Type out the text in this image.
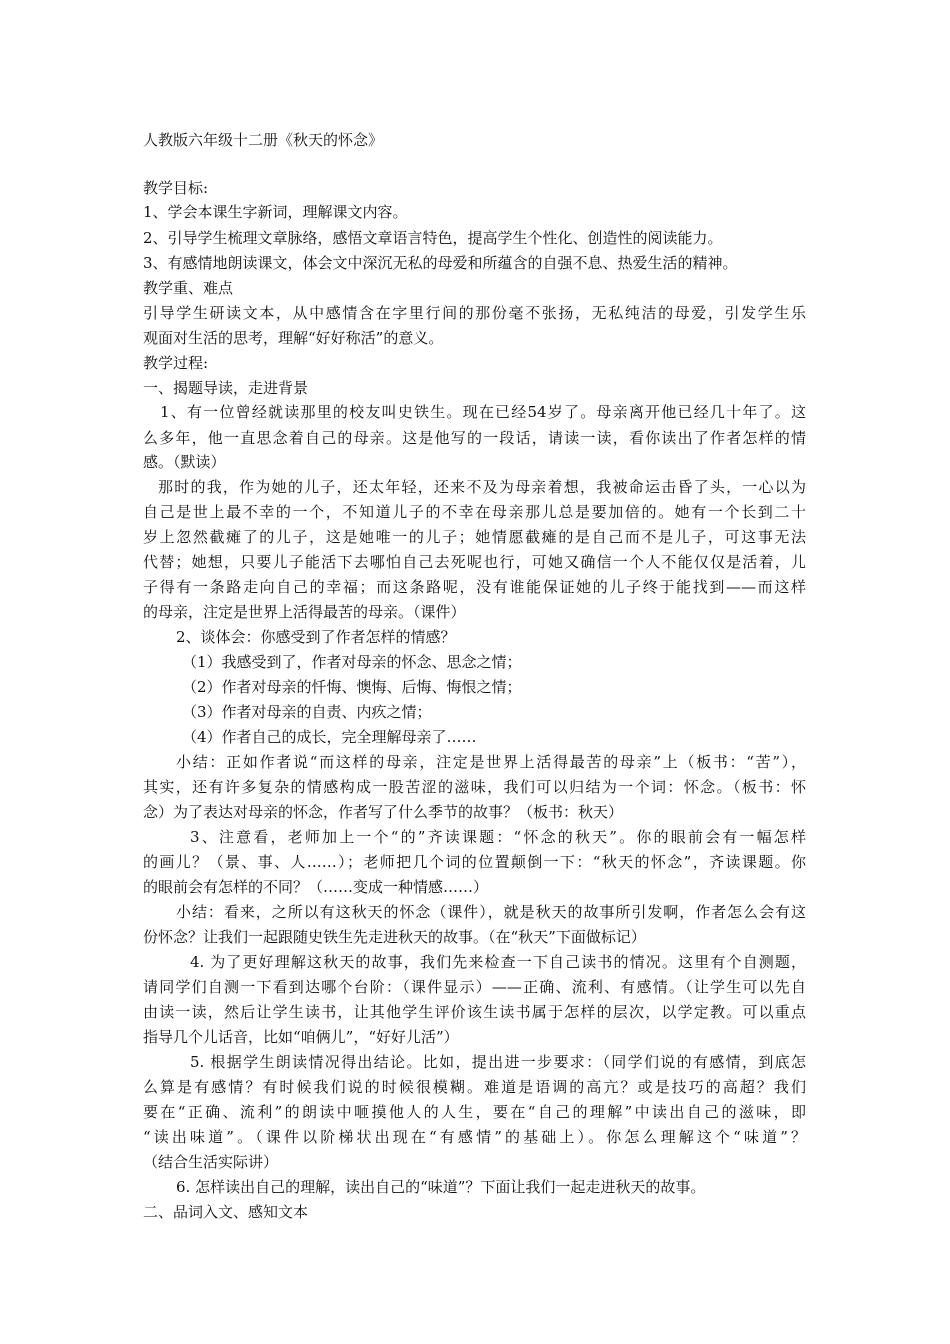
人教版六年级十二册《秋天的怀念》
教学目标:
1、学会本课生字新词，理解课文内容。
2、引导学生梳理文章脉络，感悟文章语言特色，提高学生个性化、创造性的阅读能力。
3、有感情地朗读课文，体会文中深沉无私的母爱和所蕴含的自强不息、热爱生活的精神。
教学重、难点
引导学生研读文本，从中感情含在字里行间的那份毫不张扬，无私纯洁的母爱，引发学生乐
观面对生活的思考，理解“好好称活”的意义。
教学过程:
一、揭题导读，走进背景
1、有一位曾经就读那里的校友叫史铁生。现在已经54岁了。母亲离开他已经几十年了。这
么多年，他一直思念着自己的母亲。这是他写的一段话，请读一读，看你读出了作者怎样的情
感。（默读）
那时的我，作为她的儿子，还太年轻，还来不及为母亲着想，我被命运击昏了头，一心以为
自己是世上最不幸的一个，不知道儿子的不幸在母亲那儿总是要加倍的。她有一个长到二十
岁上忽然截瘫了的儿子，这是她唯一的儿子；她情愿截瘫的是自己而不是儿子，可这事无法
代替；她想，只要儿子能活下去哪怕自己去死呢也行，可她又确信一个人不能仅仅是活着，儿
子得有一条路走向自己的幸福；而这条路呢，没有谁能保证她的儿子终于能找到——而这样
的母亲，注定是世界上活得最苦的母亲。（课件）
2、谈体会：你感受到了作者怎样的情感？
（1）我感受到了，作者对母亲的怀念、思念之情；
（2）作者对母亲的忏悔、懊悔、后悔、悔恨之情；
（3）作者对母亲的自责、内疚之情；
（4）作者自己的成长，完全理解母亲了……
小结：正如作者说“而这样的母亲，注定是世界上活得最苦的母亲”上（板书：“苦”），
其实，还有许多复杂的情感构成一股苦涩的滋味，我们可以归结为一个词：怀念。（板书：怀
念）为了表达对母亲的怀念，作者写了什么季节的故事？（板书：秋天）
3、注意看，老师加上一个“的”齐读课题：“怀念的秋天”。你的眼前会有一幅怎样
的画儿？（景、事、人……）；老师把几个词的位置颠倒一下：“秋天的怀念”，齐读课题。你
的眼前会有怎样的不同？（……变成一种情感……）
小结：看来，之所以有这秋天的怀念（课件），就是秋天的故事所引发啊，作者怎么会有这
份怀念？让我们一起跟随史铁生先走进秋天的故事。（在“秋天”下面做标记）
4. 为了更好理解这秋天的故事，我们先来检查一下自己读书的情况。这里有个自测题，
请同学们自测一下看到达哪个台阶：（课件显示）——正确、流利、有感情。（让学生可以先自
由读一读，然后让学生读书，让其他学生评价该生读书属于怎样的层次，以学定教。可以重点
指导几个儿话音，比如“咱俩儿”，“好好儿活”）
5. 根据学生朗读情况得出结论。比如，提出进一步要求：（同学们说的有感情，到底怎
么算是有感情？有时候我们说的时候很模糊。难道是语调的高亢？或是技巧的高超？我们
要在“正确、流利”的朗读中咂摸他人的人生，要在“自己的理解”中读出自己的滋味，即
“读出味道”。（课件以阶梯状出现在“有感情”的基础上）。你怎么理解这个“味道”？
（结合生活实际讲）
6. 怎样读出自己的理解，读出自己的“味道”？下面让我们一起走进秋天的故事。
二、品词入文、感知文本
